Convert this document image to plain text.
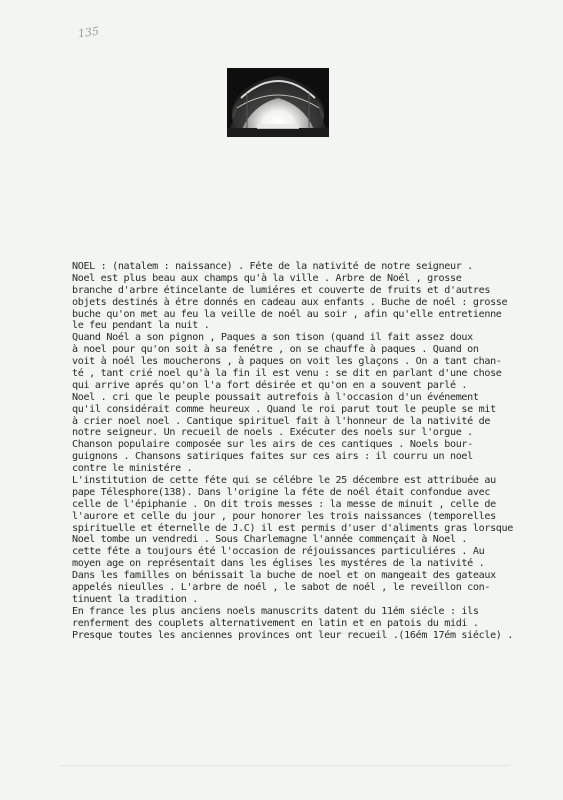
135
NOEL : (natalem : naissance) . Féte de la nativité de notre seigneur .
Noel est plus beau aux champs qu'à la ville . Arbre de Noél , grosse
branche d'arbre étincelante de lumiéres et couverte de fruits et d'autres
objets destinés à étre donnés en cadeau aux enfants . Buche de noél : grosse
buche qu'on met au feu la veille de noél au soir , afin qu'elle entretienne
le feu pendant la nuit .
Quand Noél a son pignon , Paques a son tison (quand il fait assez doux
à noel pour qu'on soit à sa fenétre , on se chauffe à paques . Quand on
voit à noél les moucherons , à paques on voit les glaçons . On a tant chan-
té , tant crié noel qu'à la fin il est venu : se dit en parlant d'une chose
qui arrive aprés qu'on l'a fort désirée et qu'on en a souvent parlé .
Noel . cri que le peuple poussait autrefois à l'occasion d'un événement
qu'il considérait comme heureux . Quand le roi parut tout le peuple se mit
à crier noel noel . Cantique spirituel fait à l'honneur de la nativité de
notre seigneur. Un recueil de noels . Exécuter des noels sur l'orgue .
Chanson populaire composée sur les airs de ces cantiques . Noels bour-
guignons . Chansons satiriques faites sur ces airs : il courru un noel
contre le ministére .
L'institution de cette féte qui se célébre le 25 décembre est attribuée au
pape Télesphore(138). Dans l'origine la féte de noél était confondue avec
celle de l'épiphanie . On dit trois messes : la messe de minuit , celle de
l'aurore et celle du jour , pour honorer les trois naissances (temporelles
spirituelle et éternelle de J.C) il est permis d'user d'aliments gras lorsque
Noel tombe un vendredi . Sous Charlemagne l'année commençait à Noel .
cette féte a toujours été l'occasion de réjouissances particuliéres . Au
moyen age on représentait dans les églises les mystéres de la nativité .
Dans les familles on bénissait la buche de noel et on mangeait des gateaux
appelés nieulles . L'arbre de noél , le sabot de noél , le reveillon con-
tinuent la tradition .
En france les plus anciens noels manuscrits datent du 11ém siécle : ils
renferment des couplets alternativement en latin et en patois du midi .
Presque toutes les anciennes provinces ont leur recueil .(16ém 17ém siécle) .
